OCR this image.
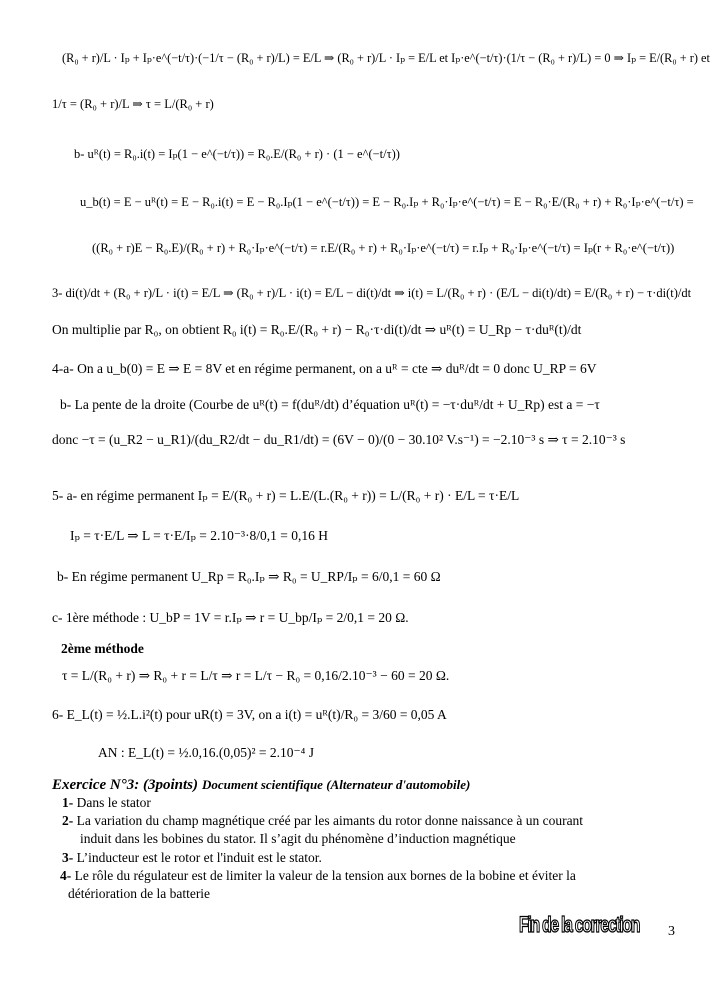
(R₀ + r)/L · Iₚ + Iₚ·e^(−t/τ)·(−1/τ − (R₀ + r)/L) = E/L ⇒ (R₀ + r)/L · Iₚ = E/L et Iₚ·e^(−t/τ)·(1/τ − (R₀ + r)/L) = 0 ⇒ Iₚ = E/(R₀ + r) et
1/τ = (R₀ + r)/L ⇒ τ = L/(R₀ + r)
b- uᴿ(t) = R₀.i(t) = Iₚ(1 − e^(−t/τ)) = R₀.E/(R₀ + r) · (1 − e^(−t/τ))
u_b(t) = E − uᴿ(t) = E − R₀.i(t) = E − R₀.Iₚ(1 − e^(−t/τ)) = E − R₀.Iₚ + R₀·Iₚ·e^(−t/τ) = E − R₀·E/(R₀ + r) + R₀·Iₚ·e^(−t/τ) =
((R₀ + r)E − R₀.E)/(R₀ + r) + R₀·Iₚ·e^(−t/τ) = r.E/(R₀ + r) + R₀·Iₚ·e^(−t/τ) = r.Iₚ + R₀·Iₚ·e^(−t/τ) = Iₚ(r + R₀·e^(−t/τ))
3- di(t)/dt + (R₀ + r)/L · i(t) = E/L ⇒ (R₀ + r)/L · i(t) = E/L − di(t)/dt ⇒ i(t) = L/(R₀ + r) · (E/L − di(t)/dt) = E/(R₀ + r) − τ·di(t)/dt
On multiplie par R₀, on obtient R₀ i(t) = R₀.E/(R₀ + r) − R₀·τ·di(t)/dt ⇒ uᴿ(t) = U_Rp − τ·duᴿ(t)/dt
4-a- On a u_b(0) = E ⇒ E = 8V et en régime permanent, on a uᴿ = cte ⇒ duᴿ/dt = 0 donc U_RP = 6V
b- La pente de la droite (Courbe de uᴿ(t) = f(duᴿ/dt) d’équation uᴿ(t) = −τ·duᴿ/dt + U_Rp) est a = −τ
donc −τ = (u_R2 − u_R1)/(du_R2/dt − du_R1/dt) = (6V − 0)/(0 − 30.10² V.s⁻¹) = −2.10⁻³ s ⇒ τ = 2.10⁻³ s
5- a- en régime permanent Iₚ = E/(R₀ + r) = L.E/(L.(R₀ + r)) = L/(R₀ + r) · E/L = τ·E/L
Iₚ = τ·E/L ⇒ L = τ·E/Iₚ = 2.10⁻³·8/0,1 = 0,16 H
b- En régime permanent U_Rp = R₀.Iₚ ⇒ R₀ = U_RP/Iₚ = 6/0,1 = 60 Ω
c- 1ère méthode : U_bP = 1V = r.Iₚ ⇒ r = U_bp/Iₚ = 2/0,1 = 20 Ω.
2ème méthode
τ = L/(R₀ + r) ⇒ R₀ + r = L/τ ⇒ r = L/τ − R₀ = 0,16/2.10⁻³ − 60 = 20 Ω.
6- E_L(t) = ½.L.i²(t) pour uR(t) = 3V, on a i(t) = uᴿ(t)/R₀ = 3/60 = 0,05 A
AN : E_L(t) = ½.0,16.(0,05)² = 2.10⁻⁴ J
Exercice N°3: (3points) Document scientifique (Alternateur d'automobile)
1- Dans le stator
2- La variation du champ magnétique créé par les aimants du rotor donne naissance à un courant
induit dans les bobines du stator. Il s’agit du phénomène d’induction magnétique
3- L’inducteur est le rotor et l'induit est le stator.
4- Le rôle du régulateur est de limiter la valeur de la tension aux bornes de la bobine et éviter la
détérioration de la batterie
Fin de la correction 3
